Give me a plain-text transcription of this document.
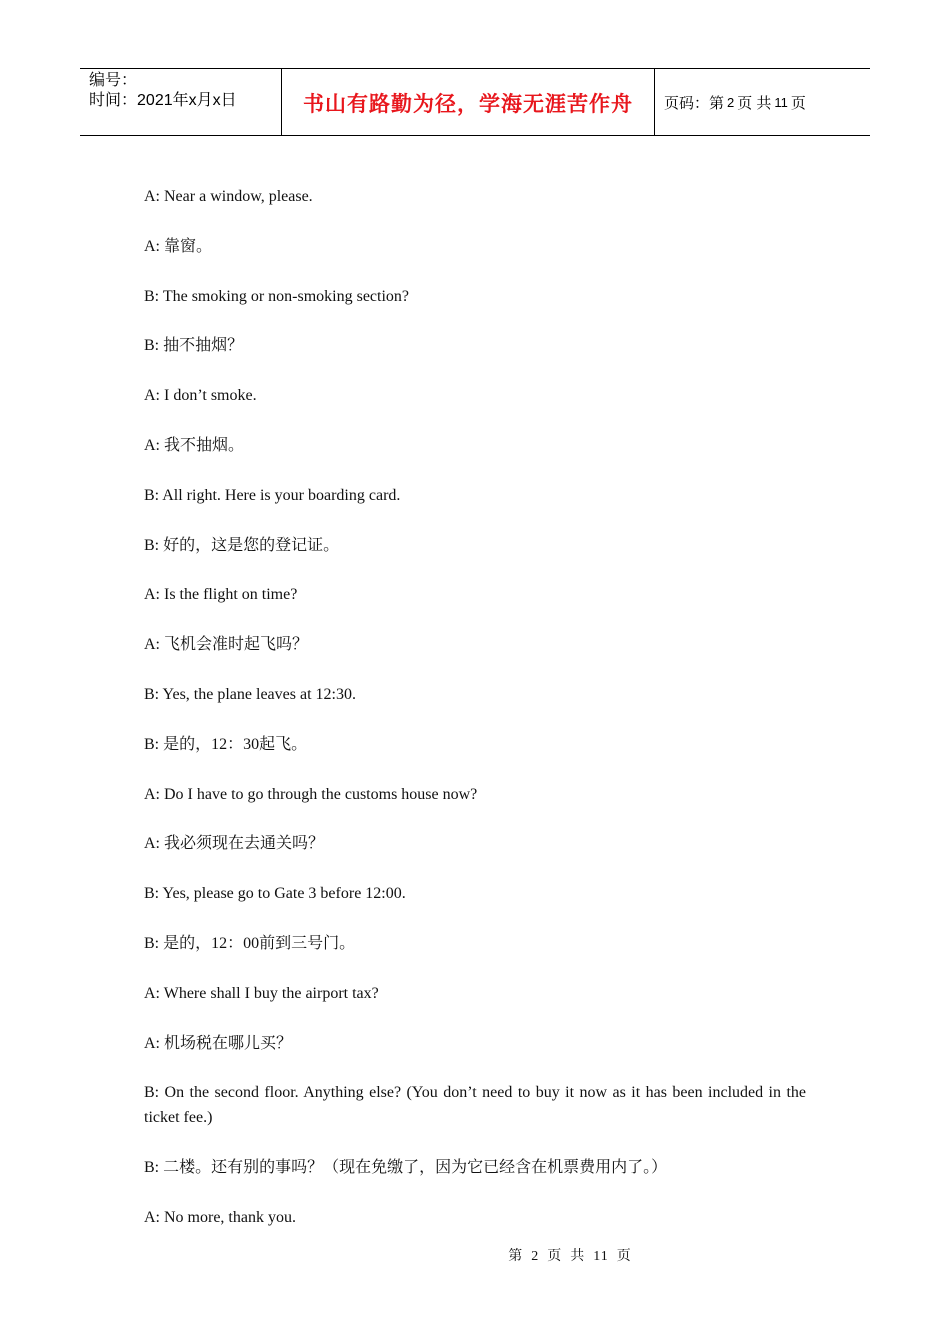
编号：
时间：2021年x月x日	书山有路勤为径，学海无涯苦作舟 页码：第 2 页 共 11 页

A: Near a window, please.

A: 靠窗。

B: The smoking or non-smoking section?

B: 抽不抽烟？

A: I don’t smoke.

A: 我不抽烟。

B: All right. Here is your boarding card.

B: 好的，这是您的登记证。

A: Is the flight on time?

A: 飞机会准时起飞吗？

B: Yes, the plane leaves at 12:30.

B: 是的，12：30起飞。

A: Do I have to go through the customs house now?

A: 我必须现在去通关吗？

B: Yes, please go to Gate 3 before 12:00.

B: 是的，12：00前到三号门。

A: Where shall I buy the airport tax?

A: 机场税在哪儿买？

B: On the second floor. Anything else? (You don’t need to buy it now as it has been included in the ticket fee.)

B: 二楼。还有别的事吗？（现在免缴了，因为它已经含在机票费用内了。）

A: No more, thank you.

第 2 页 共 11 页
